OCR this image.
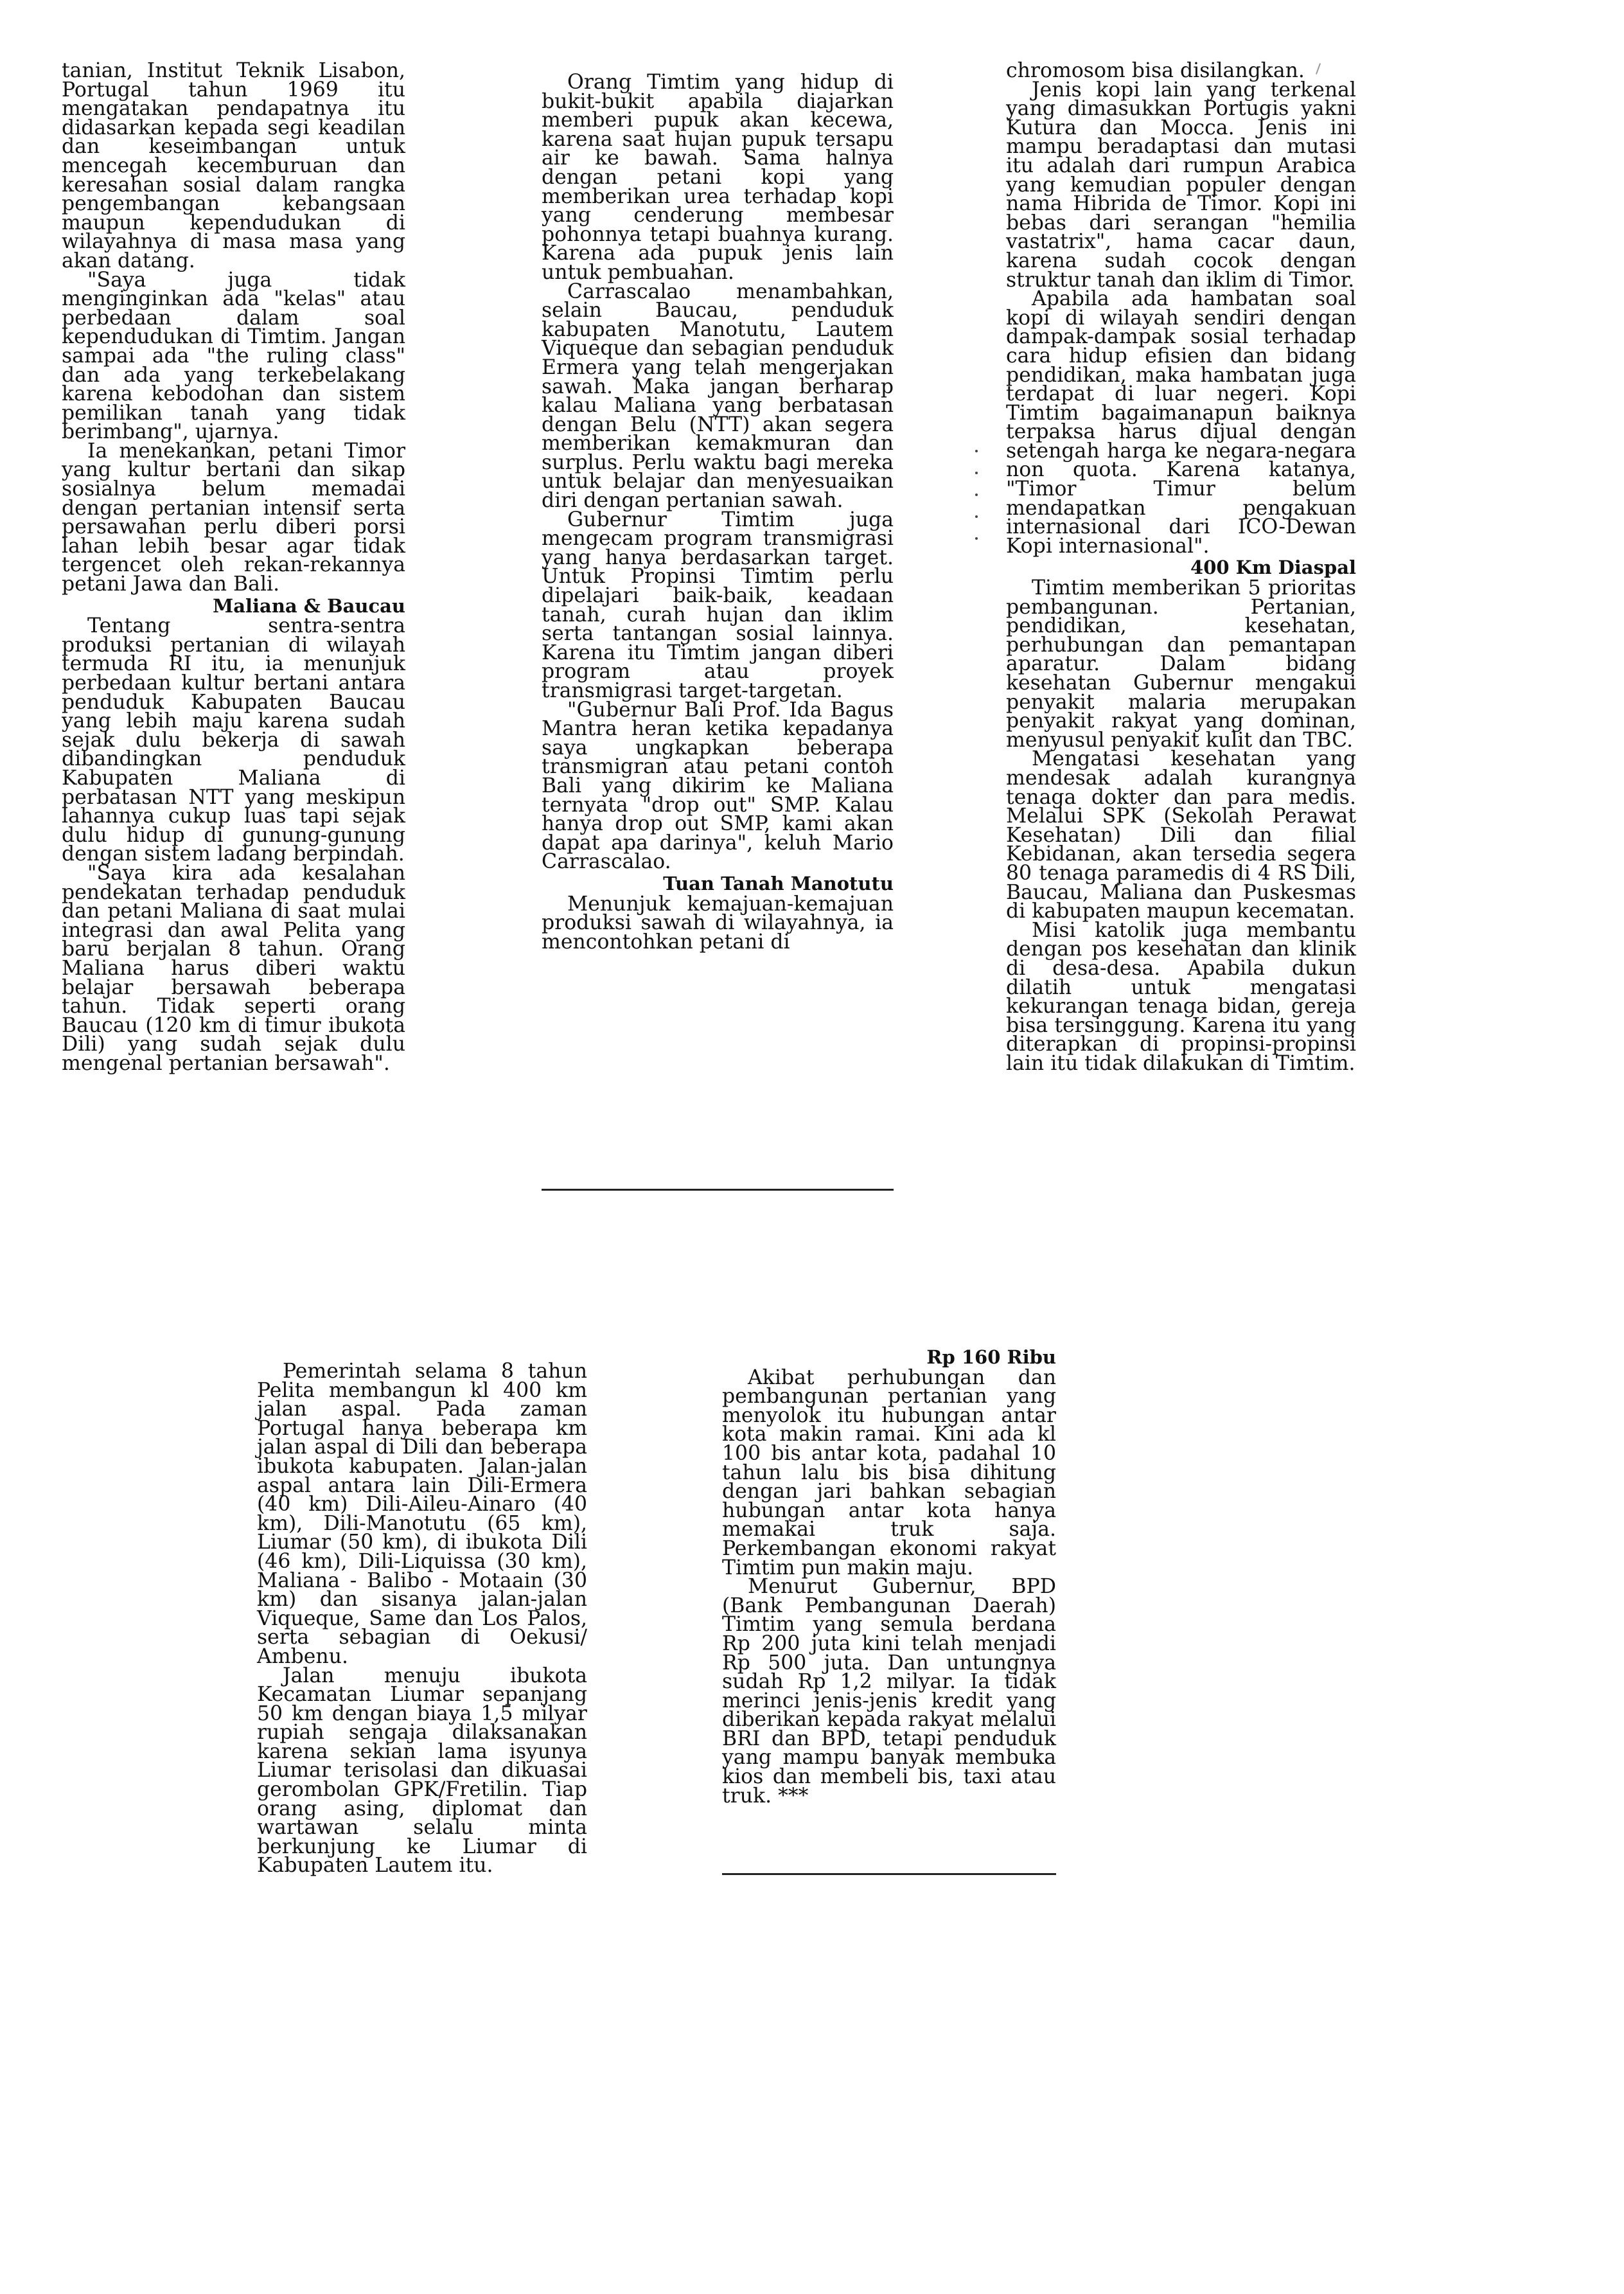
tanian, Institut Teknik Lisabon, Portugal tahun 1969 itu mengatakan pendapatnya itu didasarkan kepada segi keadilan dan keseimbangan untuk mencegah kecemburuan dan keresahan sosial dalam rangka pengembangan kebangsaan maupun kependudukan di wilayahnya di masa masa yang akan datang.

"Saya juga tidak menginginkan ada "kelas" atau perbedaan dalam soal kependudukan di Timtim. Jangan sampai ada "the ruling class" dan ada yang terkebelakang karena kebodohan dan sistem pemilikan tanah yang tidak berimbang", ujarnya.

Ia menekankan, petani Timor yang kultur bertani dan sikap sosialnya belum memadai dengan pertanian intensif serta persawahan perlu diberi porsi lahan lebih besar agar tidak tergencet oleh rekan-rekannya petani Jawa dan Bali.

Maliana & Baucau

Tentang sentra-sentra produksi pertanian di wilayah termuda RI itu, ia menunjuk perbedaan kultur bertani antara penduduk Kabupaten Baucau yang lebih maju karena sudah sejak dulu bekerja di sawah dibandingkan penduduk Kabupaten Maliana di perbatasan NTT yang meskipun lahannya cukup luas tapi sejak dulu hidup di gunung-gunung dengan sistem ladang berpindah.

"Saya kira ada kesalahan pendekatan terhadap penduduk dan petani Maliana di saat mulai integrasi dan awal Pelita yang baru berjalan 8 tahun. Orang Maliana harus diberi waktu belajar bersawah beberapa tahun. Tidak seperti orang Baucau (120 km di timur ibukota Dili) yang sudah sejak dulu mengenal pertanian bersawah".

Orang Timtim yang hidup di bukit-bukit apabila diajarkan memberi pupuk akan kecewa, karena saat hujan pupuk tersapu air ke bawah. Sama halnya dengan petani kopi yang memberikan urea terhadap kopi yang cenderung membesar pohonnya tetapi buahnya kurang. Karena ada pupuk jenis lain untuk pembuahan.

Carrascalao menambahkan, selain Baucau, penduduk kabupaten Manotutu, Lautem Viqueque dan sebagian penduduk Ermera yang telah mengerjakan sawah. Maka jangan berharap kalau Maliana yang berbatasan dengan Belu (NTT) akan segera memberikan kemakmuran dan surplus. Perlu waktu bagi mereka untuk belajar dan menyesuaikan diri dengan pertanian sawah.

Gubernur Timtim juga mengecam program transmigrasi yang hanya berdasarkan target. Untuk Propinsi Timtim perlu dipelajari baik-baik, keadaan tanah, curah hujan dan iklim serta tantangan sosial lainnya. Karena itu Timtim jangan diberi program atau proyek transmigrasi target-targetan.

"Gubernur Bali Prof. Ida Bagus Mantra heran ketika kepadanya saya ungkapkan beberapa transmigran atau petani contoh Bali yang dikirim ke Maliana ternyata "drop out" SMP. Kalau hanya drop out SMP, kami akan dapat apa darinya", keluh Mario Carrascalao.

Tuan Tanah Manotutu

Menunjuk kemajuan-kemajuan produksi sawah di wilayahnya, ia mencontohkan petani di

chromosom bisa disilangkan.

Jenis kopi lain yang terkenal yang dimasukkan Portugis yakni Kutura dan Mocca. Jenis ini mampu beradaptasi dan mutasi itu adalah dari rumpun Arabica yang kemudian populer dengan nama Hibrida de Timor. Kopi ini bebas dari serangan "hemilia vastatrix", hama cacar daun, karena sudah cocok dengan struktur tanah dan iklim di Timor.

Apabila ada hambatan soal kopi di wilayah sendiri dengan dampak-dampak sosial terhadap cara hidup efisien dan bidang pendidikan, maka hambatan juga terdapat di luar negeri. Kopi Timtim bagaimanapun baiknya terpaksa harus dijual dengan setengah harga ke negara-negara non quota. Karena katanya, "Timor Timur belum mendapatkan pengakuan internasional dari ICO-Dewan Kopi internasional".

400 Km Diaspal

Timtim memberikan 5 prioritas pembangunan. Pertanian, pendidikan, kesehatan, perhubungan dan pemantapan aparatur. Dalam bidang kesehatan Gubernur mengakui penyakit malaria merupakan penyakit rakyat yang dominan, menyusul penyakit kulit dan TBC.

Mengatasi kesehatan yang mendesak adalah kurangnya tenaga dokter dan para medis. Melalui SPK (Sekolah Perawat Kesehatan) Dili dan filial Kebidanan, akan tersedia segera 80 tenaga paramedis di 4 RS Dili, Baucau, Maliana dan Puskesmas di kabupaten maupun kecematan.

Misi katolik juga membantu dengan pos kesehatan dan klinik di desa-desa. Apabila dukun dilatih untuk mengatasi kekurangan tenaga bidan, gereja bisa tersinggung. Karena itu yang diterapkan di propinsi-propinsi lain itu tidak dilakukan di Timtim.

Pemerintah selama 8 tahun Pelita membangun kl 400 km jalan aspal. Pada zaman Portugal hanya beberapa km jalan aspal di Dili dan beberapa ibukota kabupaten. Jalan-jalan aspal antara lain Dili-Ermera (40 km) Dili-Aileu-Ainaro (40 km), Dili-Manotutu (65 km), Liumar (50 km), di ibukota Dili (46 km), Dili-Liquissa (30 km), Maliana - Balibo - Motaain (30 km) dan sisanya jalan-jalan Viqueque, Same dan Los Palos, serta sebagian di Oekusi/ Ambenu.

Jalan menuju ibukota Kecamatan Liumar sepanjang 50 km dengan biaya 1,5 milyar rupiah sengaja dilaksanakan karena sekian lama isyunya Liumar terisolasi dan dikuasai gerombolan GPK/Fretilin. Tiap orang asing, diplomat dan wartawan selalu minta berkunjung ke Liumar di Kabupaten Lautem itu.

Rp 160 Ribu

Akibat perhubungan dan pembangunan pertanian yang menyolok itu hubungan antar kota makin ramai. Kini ada kl 100 bis antar kota, padahal 10 tahun lalu bis bisa dihitung dengan jari bahkan sebagian hubungan antar kota hanya memakai truk saja. Perkembangan ekonomi rakyat Timtim pun makin maju.

Menurut Gubernur, BPD (Bank Pembangunan Daerah) Timtim yang semula berdana Rp 200 juta kini telah menjadi Rp 500 juta. Dan untungnya sudah Rp 1,2 milyar. Ia tidak merinci jenis-jenis kredit yang diberikan kepada rakyat melalui BRI dan BPD, tetapi penduduk yang mampu banyak membuka kios dan membeli bis, taxi atau truk. ***
